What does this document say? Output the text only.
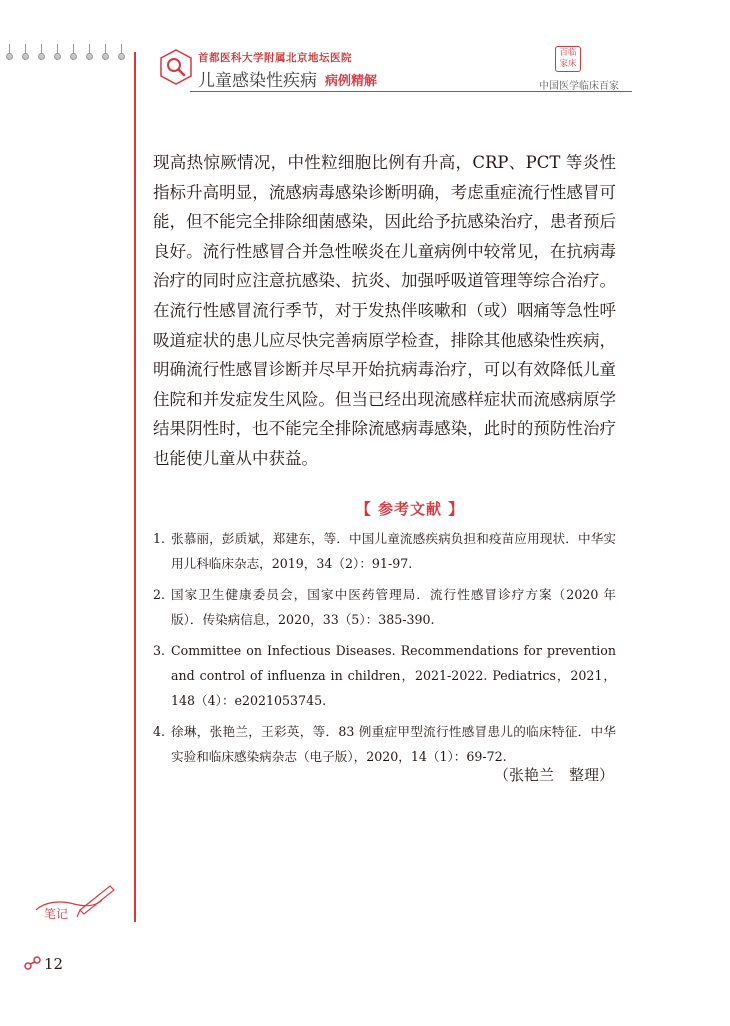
首都医科大学附属北京地坛医院
儿童感染性疾病 病例精解
百临家床
中国医学临床百家

现高热惊厥情况，中性粒细胞比例有升高，CRP、PCT 等炎性指标升高明显，流感病毒感染诊断明确，考虑重症流行性感冒可能，但不能完全排除细菌感染，因此给予抗感染治疗，患者预后良好。流行性感冒合并急性喉炎在儿童病例中较常见，在抗病毒治疗的同时应注意抗感染、抗炎、加强呼吸道管理等综合治疗。在流行性感冒流行季节，对于发热伴咳嗽和（或）咽痛等急性呼吸道症状的患儿应尽快完善病原学检查，排除其他感染性疾病，明确流行性感冒诊断并尽早开始抗病毒治疗，可以有效降低儿童住院和并发症发生风险。但当已经出现流感样症状而流感病原学结果阴性时，也不能完全排除流感病毒感染，此时的预防性治疗也能使儿童从中获益。

【 参考文献 】
1. 张慕丽，彭质斌，郑建东，等．中国儿童流感疾病负担和疫苗应用现状．中华实用儿科临床杂志，2019，34（2）：91-97.
2. 国家卫生健康委员会，国家中医药管理局．流行性感冒诊疗方案（2020 年版）．传染病信息，2020，33（5）：385-390.
3. Committee on Infectious Diseases. Recommendations for prevention and control of influenza in children，2021-2022. Pediatrics，2021，148（4）：e2021053745.
4. 徐琳，张艳兰，王彩英，等．83 例重症甲型流行性感冒患儿的临床特征．中华实验和临床感染病杂志（电子版），2020，14（1）：69-72.
（张艳兰　整理）
笔记
12
